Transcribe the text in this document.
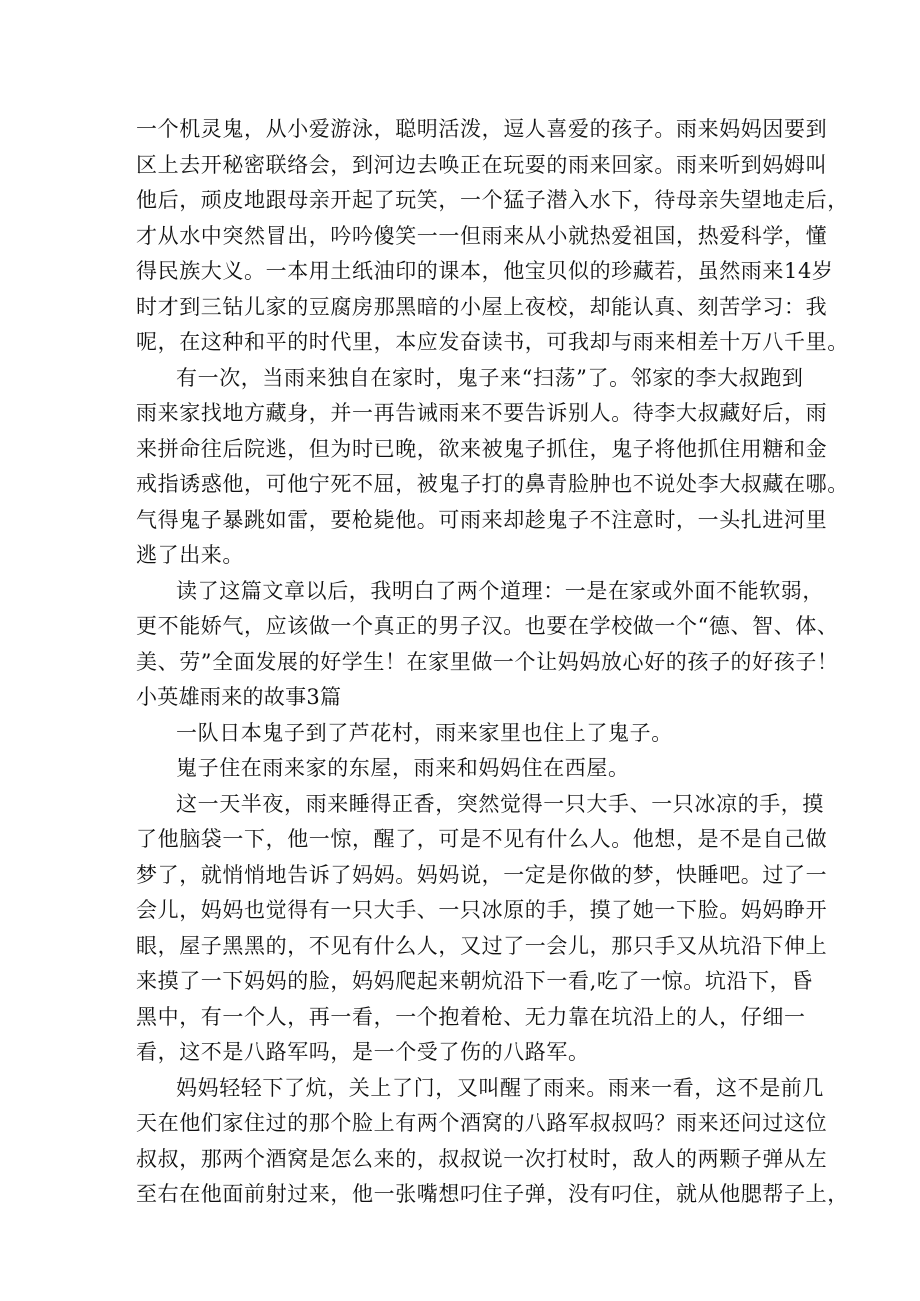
一个机灵鬼，从小爱游泳，聪明活泼，逗人喜爱的孩子。雨来妈妈因要到
区上去开秘密联络会，到河边去唤正在玩耍的雨来回家。雨来听到妈姆叫
他后，顽皮地跟母亲开起了玩笑，一个猛子潜入水下，待母亲失望地走后，
才从水中突然冒出，吟吟傻笑一一但雨来从小就热爱祖国，热爱科学，懂
得民族大义。一本用土纸油印的课本，他宝贝似的珍藏若，虽然雨来14岁
时才到三钻儿家的豆腐房那黑暗的小屋上夜校，却能认真、刻苦学习：我
呢，在这种和平的时代里，本应发奋读书，可我却与雨来相差十万八千里。
有一次，当雨来独自在家时，鬼子来“扫荡”了。邻家的李大叔跑到
雨来家找地方藏身，并一再告诫雨来不要告诉别人。待李大叔藏好后，雨
来拼命往后院逃，但为时已晚，欲来被鬼子抓住，鬼子将他抓住用糖和金
戒指诱惑他，可他宁死不屈，被鬼子打的鼻青脸肿也不说处李大叔藏在哪。
气得鬼子暴跳如雷，要枪毙他。可雨来却趁鬼子不注意时，一头扎进河里
逃了出来。
读了这篇文章以后，我明白了两个道理：一是在家或外面不能软弱，
更不能娇气，应该做一个真正的男子汉。也要在学校做一个“德、智、体、
美、劳”全面发展的好学生！在家里做一个让妈妈放心好的孩子的好孩子！
小英雄雨来的故事3篇
一队日本鬼子到了芦花村，雨来家里也住上了鬼子。
嵬子住在雨来家的东屋，雨来和妈妈住在西屋。
这一天半夜，雨来睡得正香，突然觉得一只大手、一只冰凉的手，摸
了他脑袋一下，他一惊，醒了，可是不见有什么人。他想，是不是自己做
梦了，就悄悄地告诉了妈妈。妈妈说，一定是你做的梦，快睡吧。过了一
会儿，妈妈也觉得有一只大手、一只冰原的手，摸了她一下脸。妈妈睁开
眼，屋子黑黑的，不见有什么人，又过了一会儿，那只手又从坑沿下伸上
来摸了一下妈妈的脸，妈妈爬起来朝炕沿下一看,吃了一惊。坑沿下，昏
黑中，有一个人，再一看，一个抱着枪、无力靠在坑沿上的人，仔细一
看，这不是八路军吗，是一个受了伤的八路军。
妈妈轻轻下了炕，关上了门，又叫醒了雨来。雨来一看，这不是前几
天在他们家住过的那个脸上有两个酒窝的八路军叔叔吗？雨来还问过这位
叔叔，那两个酒窝是怎么来的，叔叔说一次打杖时，敌人的两颗子弹从左
至右在他面前射过来，他一张嘴想叼住子弹，没有叼住，就从他腮帮子上，
